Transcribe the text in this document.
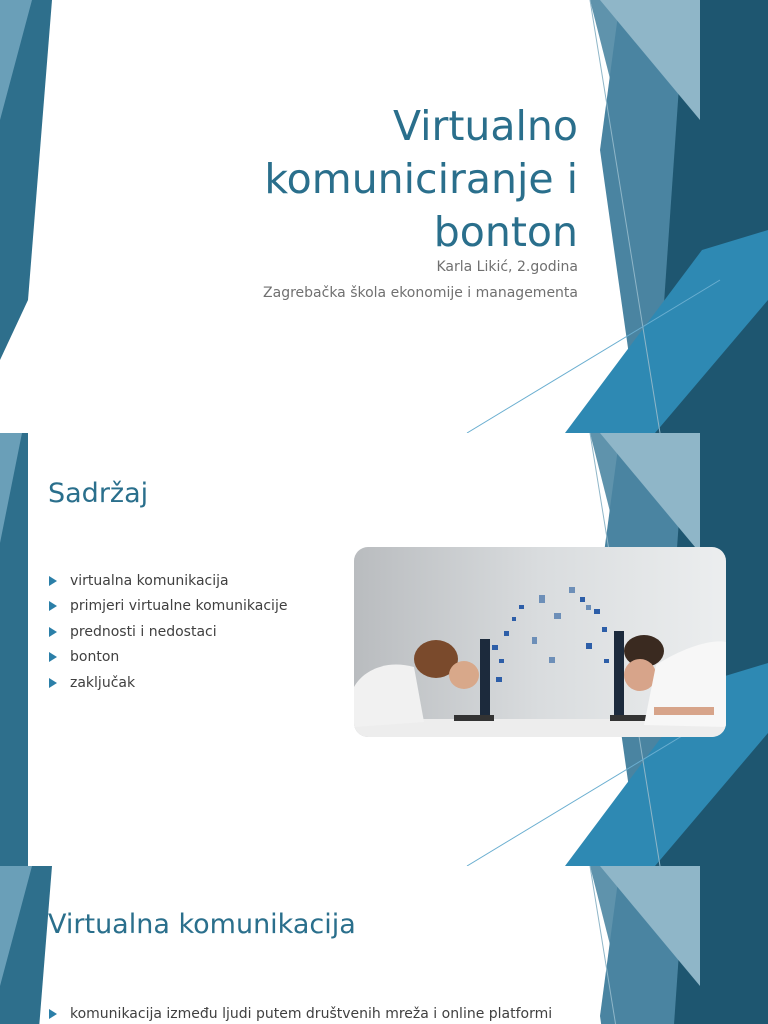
Virtualno
komuniciranje i
bonton
Karla Likić, 2.godina
Zagrebačka škola ekonomije i managementa
Sadržaj
virtualna komunikacija
primjeri virtualne komunikacije
prednosti i nedostaci
bonton
zaključak
Virtualna komunikacija
komunikacija između ljudi putem društvenih mreža i online platformi
